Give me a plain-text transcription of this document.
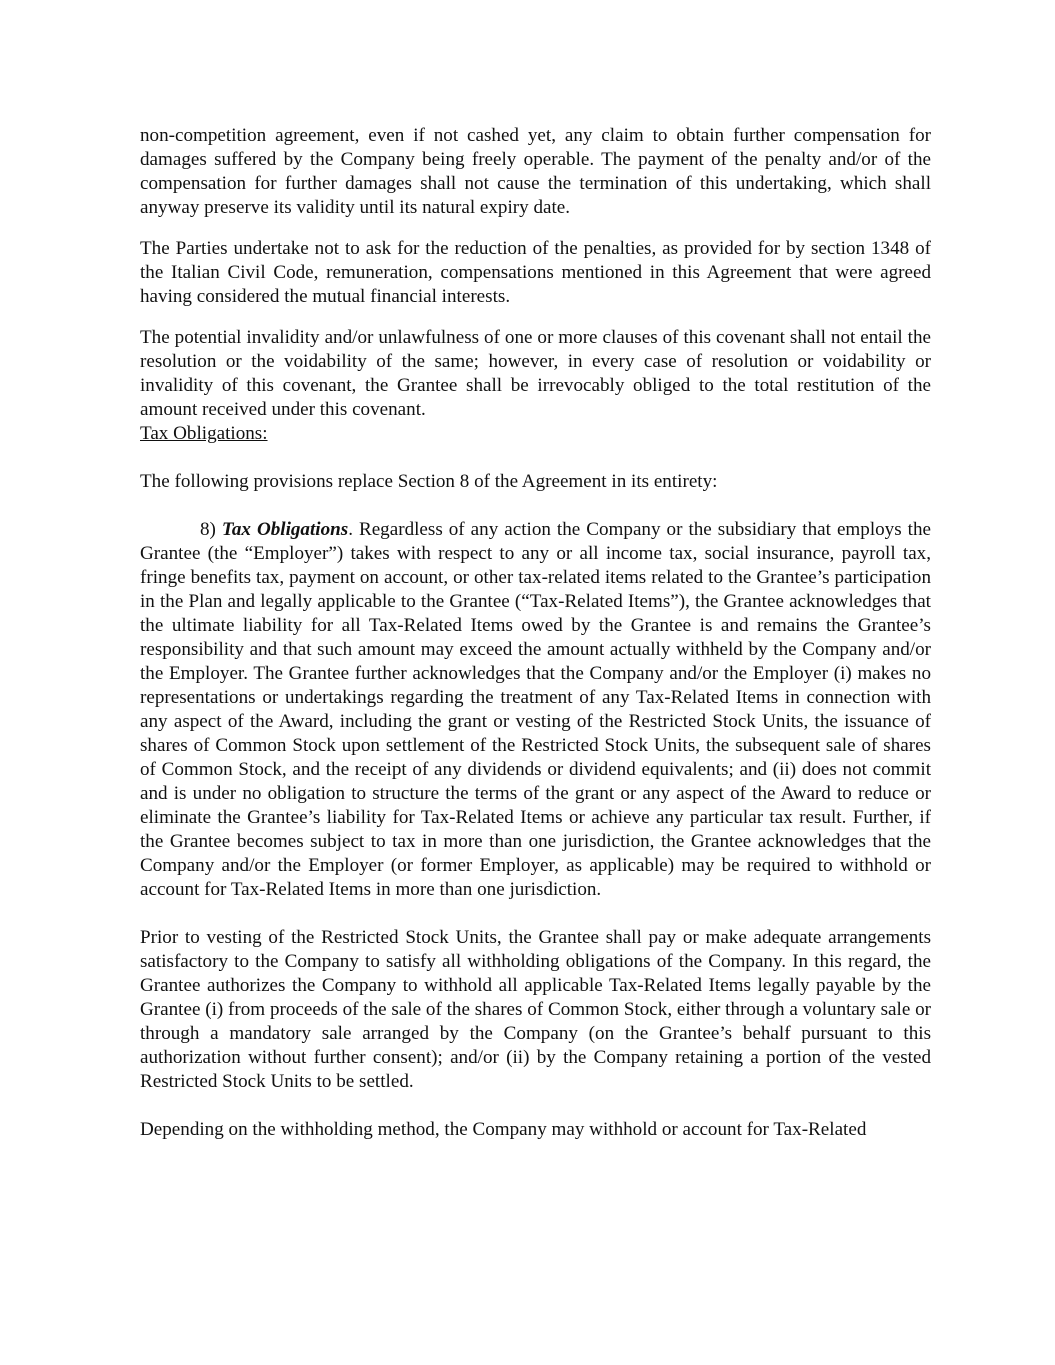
non-competition agreement, even if not cashed yet, any claim to obtain further compensation for damages suffered by the Company being freely operable. The payment of the penalty and/or of the compensation for further damages shall not cause the termination of this undertaking, which shall anyway preserve its validity until its natural expiry date.

The Parties undertake not to ask for the reduction of the penalties, as provided for by section 1348 of the Italian Civil Code, remuneration, compensations mentioned in this Agreement that were agreed having considered the mutual financial interests.

The potential invalidity and/or unlawfulness of one or more clauses of this covenant shall not entail the resolution or the voidability of the same; however, in every case of resolution or voidability or invalidity of this covenant, the Grantee shall be irrevocably obliged to the total restitution of the amount received under this covenant.

Tax Obligations:

The following provisions replace Section 8 of the Agreement in its entirety:

8) Tax Obligations. Regardless of any action the Company or the subsidiary that employs the Grantee (the “Employer”) takes with respect to any or all income tax, social insurance, payroll tax, fringe benefits tax, payment on account, or other tax-related items related to the Grantee’s participation in the Plan and legally applicable to the Grantee (“Tax-Related Items”), the Grantee acknowledges that the ultimate liability for all Tax-Related Items owed by the Grantee is and remains the Grantee’s responsibility and that such amount may exceed the amount actually withheld by the Company and/or the Employer. The Grantee further acknowledges that the Company and/or the Employer (i) makes no representations or undertakings regarding the treatment of any Tax-Related Items in connection with any aspect of the Award, including the grant or vesting of the Restricted Stock Units, the issuance of shares of Common Stock upon settlement of the Restricted Stock Units, the subsequent sale of shares of Common Stock, and the receipt of any dividends or dividend equivalents; and (ii) does not commit and is under no obligation to structure the terms of the grant or any aspect of the Award to reduce or eliminate the Grantee’s liability for Tax-Related Items or achieve any particular tax result. Further, if the Grantee becomes subject to tax in more than one jurisdiction, the Grantee acknowledges that the Company and/or the Employer (or former Employer, as applicable) may be required to withhold or account for Tax-Related Items in more than one jurisdiction.

Prior to vesting of the Restricted Stock Units, the Grantee shall pay or make adequate arrangements satisfactory to the Company to satisfy all withholding obligations of the Company. In this regard, the Grantee authorizes the Company to withhold all applicable Tax-Related Items legally payable by the Grantee (i) from proceeds of the sale of the shares of Common Stock, either through a voluntary sale or through a mandatory sale arranged by the Company (on the Grantee’s behalf pursuant to this authorization without further consent); and/or (ii) by the Company retaining a portion of the vested Restricted Stock Units to be settled.

Depending on the withholding method, the Company may withhold or account for Tax-Related
